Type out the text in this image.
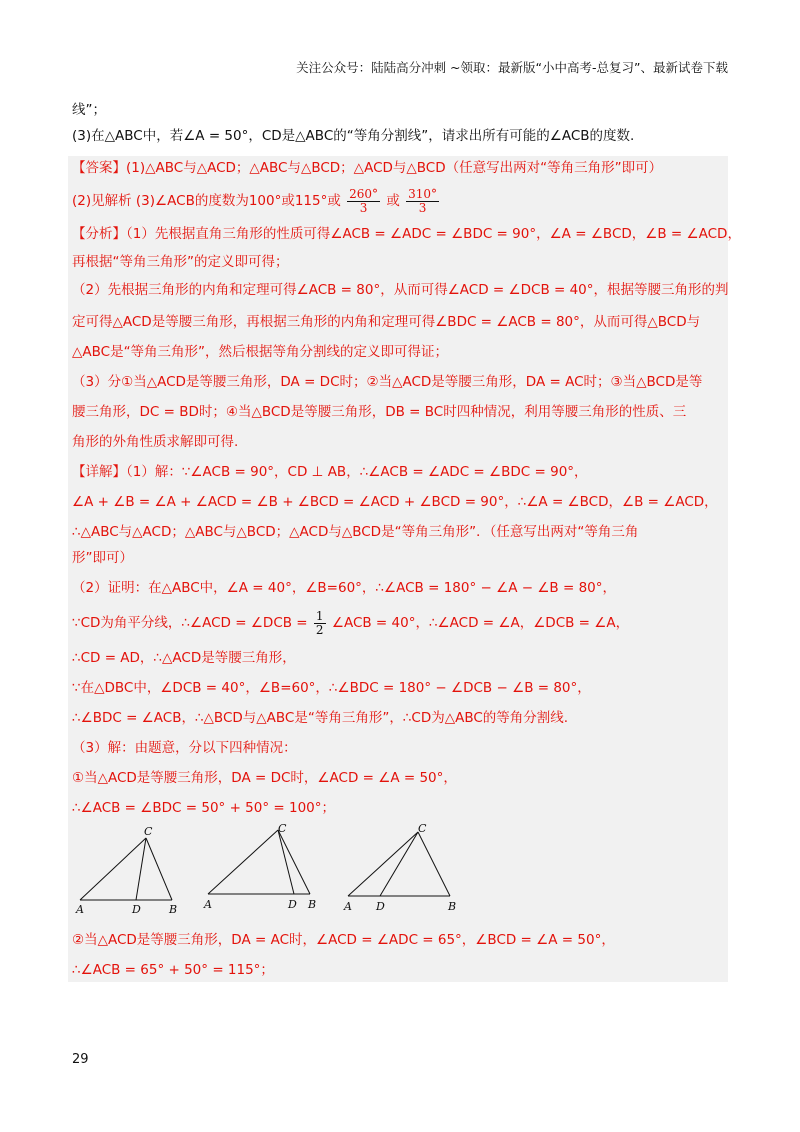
关注公众号：陆陆高分冲刺 ~领取：最新版“小中高考-总复习”、最新试卷下载

线”；

(3)在△ABC中，若∠A = 50°，CD是△ABC的“等角分割线”，请求出所有可能的∠ACB的度数.

【答案】(1)△ABC与△ACD；△ABC与△BCD；△ACD与△BCD（任意写出两对“等角三角形”即可）

(2)见解析 (3)∠ACB的度数为100°或115°或 $\frac{260^\circ}{3}$ 或 $\frac{310^\circ}{3}$

【分析】（1）先根据直角三角形的性质可得∠ACB = ∠ADC = ∠BDC = 90°，∠A = ∠BCD，∠B = ∠ACD，

再根据“等角三角形”的定义即可得；

（2）先根据三角形的内角和定理可得∠ACB = 80°，从而可得∠ACD = ∠DCB = 40°，根据等腰三角形的判

定可得△ACD是等腰三角形，再根据三角形的内角和定理可得∠BDC = ∠ACB = 80°，从而可得△BCD与

△ABC是“等角三角形”，然后根据等角分割线的定义即可得证；

（3）分①当△ACD是等腰三角形，DA = DC时；②当△ACD是等腰三角形，DA = AC时；③当△BCD是等

腰三角形，DC = BD时；④当△BCD是等腰三角形，DB = BC时四种情况，利用等腰三角形的性质、三

角形的外角性质求解即可得.

【详解】（1）解：∵∠ACB = 90°，CD ⊥ AB，∴∠ACB = ∠ADC = ∠BDC = 90°，

∠A + ∠B = ∠A + ∠ACD = ∠B + ∠BCD = ∠ACD + ∠BCD = 90°，∴∠A = ∠BCD，∠B = ∠ACD，

∴△ABC与△ACD；△ABC与△BCD；△ACD与△BCD是“等角三角形”．（任意写出两对“等角三角

形”即可）

（2）证明：在△ABC中，∠A = 40°，∠B=60°，∴∠ACB = 180° − ∠A − ∠B = 80°，

∵CD为角平分线，∴∠ACD = ∠DCB = $\frac{1}{2}$ ∠ACB = 40°，∴∠ACD = ∠A，∠DCB = ∠A，

∴CD = AD，∴△ACD是等腰三角形，

∵在△DBC中，∠DCB = 40°，∠B=60°，∴∠BDC = 180° − ∠DCB − ∠B = 80°，

∴∠BDC = ∠ACB，∴△BCD与△ABC是“等角三角形”，∴CD为△ABC的等角分割线.

（3）解：由题意，分以下四种情况：

①当△ACD是等腰三角形，DA = DC时，∠ACD = ∠A = 50°，

∴∠ACB = ∠BDC = 50° + 50° = 100°；

C
A	D	B
C
A	D B
C
A D	B

②当△ACD是等腰三角形，DA = AC时，∠ACD = ∠ADC = 65°，∠BCD = ∠A = 50°，

∴∠ACB = 65° + 50° = 115°；

29
